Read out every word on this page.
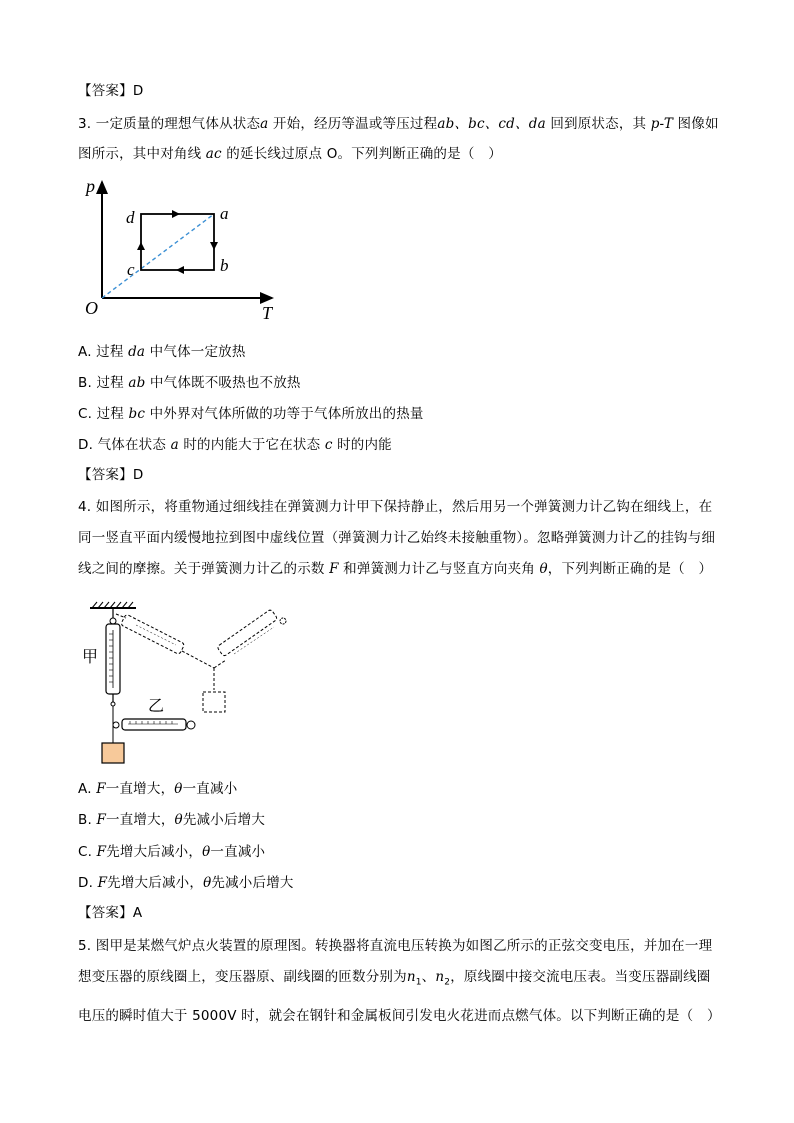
【答案】D
3. 一定质量的理想气体从状态a 开始，经历等温或等压过程ab、bc、cd、da 回到原状态，其 p-T 图像如
图所示，其中对角线 ac 的延长线过原点 O。下列判断正确的是（　）
p
T
O
a
b
c
d
A. 过程 da 中气体一定放热
B. 过程 ab 中气体既不吸热也不放热
C. 过程 bc 中外界对气体所做的功等于气体所放出的热量
D. 气体在状态 a 时的内能大于它在状态 c 时的内能
【答案】D
4. 如图所示，将重物通过细线挂在弹簧测力计甲下保持静止，然后用另一个弹簧测力计乙钩在细线上，在
同一竖直平面内缓慢地拉到图中虚线位置（弹簧测力计乙始终未接触重物）。忽略弹簧测力计乙的挂钩与细
线之间的摩擦。关于弹簧测力计乙的示数 F 和弹簧测力计乙与竖直方向夹角 θ，下列判断正确的是（　）
甲
乙
A. F一直增大，θ一直减小
B. F一直增大，θ先减小后增大
C. F先增大后减小，θ一直减小
D. F先增大后减小，θ先减小后增大
【答案】A
5. 图甲是某燃气炉点火装置的原理图。转换器将直流电压转换为如图乙所示的正弦交变电压，并加在一理
想变压器的原线圈上，变压器原、副线圈的匝数分别为$n_1$、$n_2$，原线圈中接交流电压表。当变压器副线圈
电压的瞬时值大于 5000V 时，就会在钢针和金属板间引发电火花进而点燃气体。以下判断正确的是（　）
